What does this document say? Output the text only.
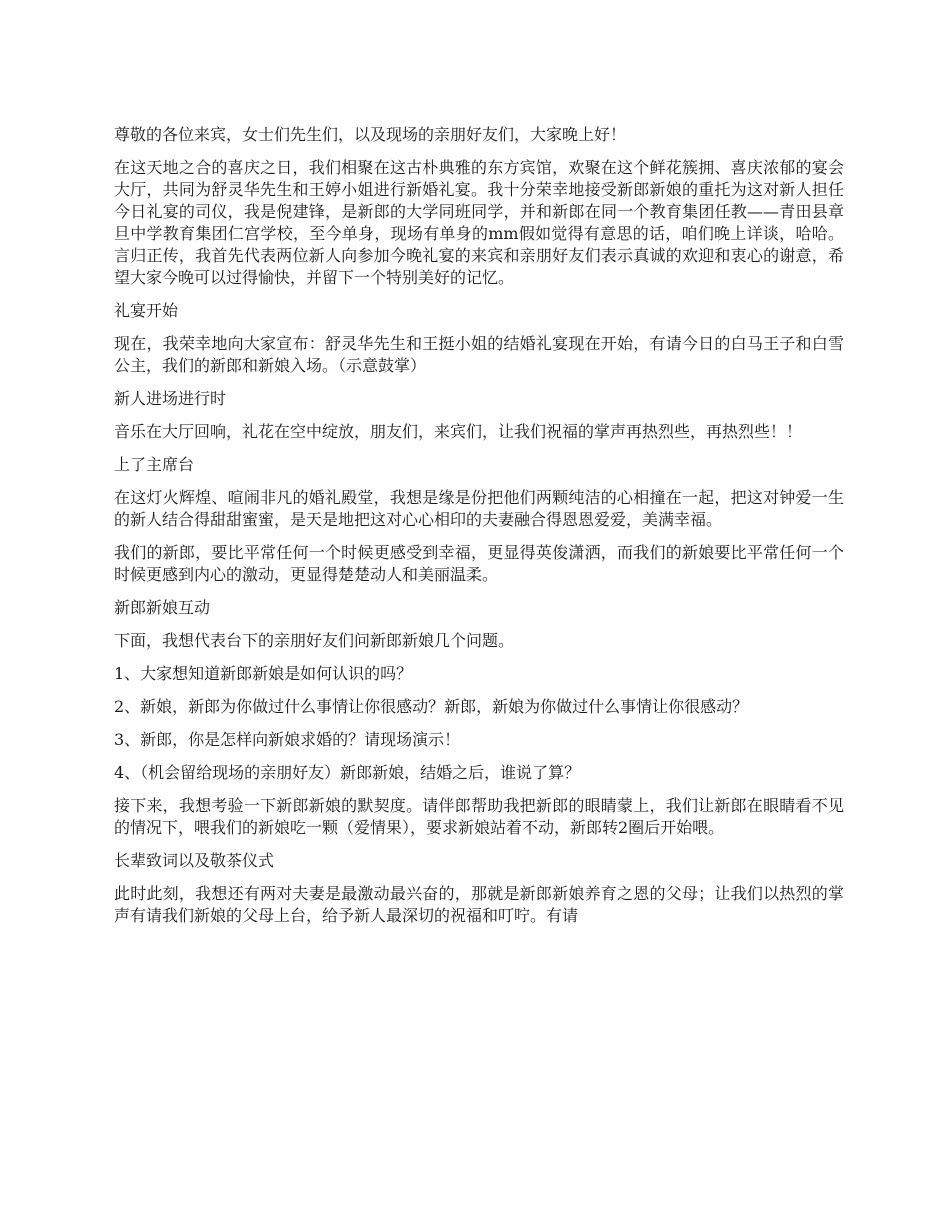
尊敬的各位来宾，女士们先生们，以及现场的亲朋好友们，大家晚上好！

在这天地之合的喜庆之日，我们相聚在这古朴典雅的东方宾馆，欢聚在这个鲜花簇拥、喜庆浓郁的宴会大厅，共同为舒灵华先生和王婷小姐进行新婚礼宴。我十分荣幸地接受新郎新娘的重托为这对新人担任今日礼宴的司仪，我是倪建锋，是新郎的大学同班同学，并和新郎在同一个教育集团任教——青田县章旦中学教育集团仁宫学校，至今单身，现场有单身的mm假如觉得有意思的话，咱们晚上详谈，哈哈。言归正传，我首先代表两位新人向参加今晚礼宴的来宾和亲朋好友们表示真诚的欢迎和衷心的谢意，希望大家今晚可以过得愉快，并留下一个特别美好的记忆。

礼宴开始

现在，我荣幸地向大家宣布：舒灵华先生和王挺小姐的结婚礼宴现在开始，有请今日的白马王子和白雪公主，我们的新郎和新娘入场。（示意鼓掌）

新人进场进行时

音乐在大厅回响，礼花在空中绽放，朋友们，来宾们，让我们祝福的掌声再热烈些，再热烈些！！

上了主席台

在这灯火辉煌、喧闹非凡的婚礼殿堂，我想是缘是份把他们两颗纯洁的心相撞在一起，把这对钟爱一生的新人结合得甜甜蜜蜜，是天是地把这对心心相印的夫妻融合得恩恩爱爱，美满幸福。

我们的新郎，要比平常任何一个时候更感受到幸福，更显得英俊潇洒，而我们的新娘要比平常任何一个时候更感到内心的激动，更显得楚楚动人和美丽温柔。

新郎新娘互动

下面，我想代表台下的亲朋好友们问新郎新娘几个问题。

1、大家想知道新郎新娘是如何认识的吗？

2、新娘，新郎为你做过什么事情让你很感动？新郎，新娘为你做过什么事情让你很感动？

3、新郎，你是怎样向新娘求婚的？请现场演示！

4、（机会留给现场的亲朋好友）新郎新娘，结婚之后，谁说了算？

接下来，我想考验一下新郎新娘的默契度。请伴郎帮助我把新郎的眼睛蒙上，我们让新郎在眼睛看不见的情况下，喂我们的新娘吃一颗（爱情果），要求新娘站着不动，新郎转2圈后开始喂。

长辈致词以及敬茶仪式

此时此刻，我想还有两对夫妻是最激动最兴奋的，那就是新郎新娘养育之恩的父母；让我们以热烈的掌声有请我们新娘的父母上台，给予新人最深切的祝福和叮咛。有请
